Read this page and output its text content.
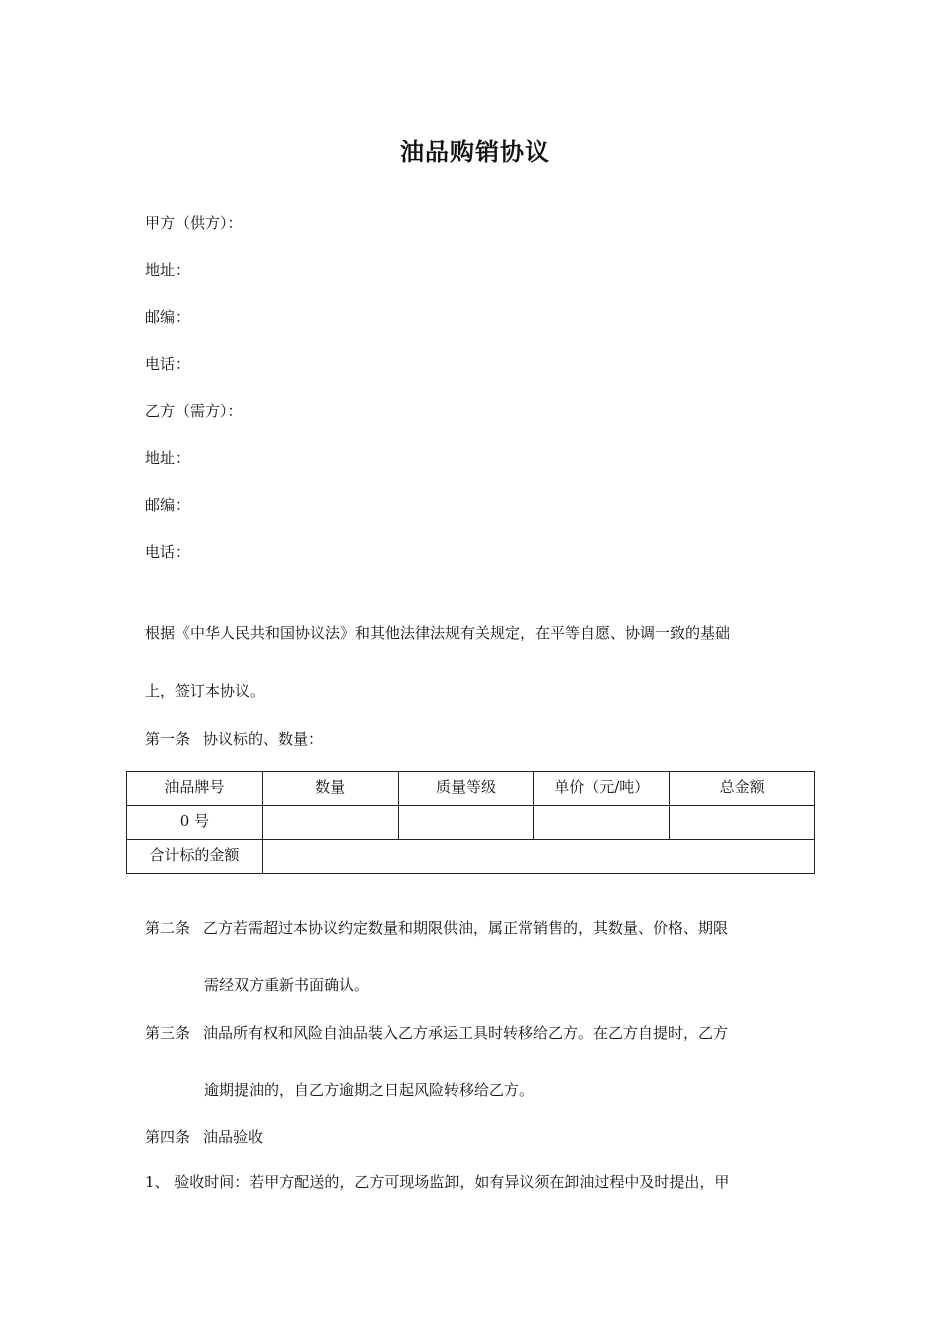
油品购销协议
甲方（供方）：
地址：
邮编：
电话：
乙方（需方）：
地址：
邮编：
电话：
根据《中华人民共和国协议法》和其他法律法规有关规定，在平等自愿、协调一致的基础
上，签订本协议。
第一条 协议标的、数量：
油品牌号	数量	质量等级	单价（元/吨）	总金额
0 号				
合计标的金额				
第二条 乙方若需超过本协议约定数量和期限供油，属正常销售的，其数量、价格、期限
需经双方重新书面确认。
第三条 油品所有权和风险自油品装入乙方承运工具时转移给乙方。在乙方自提时，乙方
逾期提油的，自乙方逾期之日起风险转移给乙方。
第四条 油品验收
1、 验收时间：若甲方配送的，乙方可现场监卸，如有异议须在卸油过程中及时提出，甲
